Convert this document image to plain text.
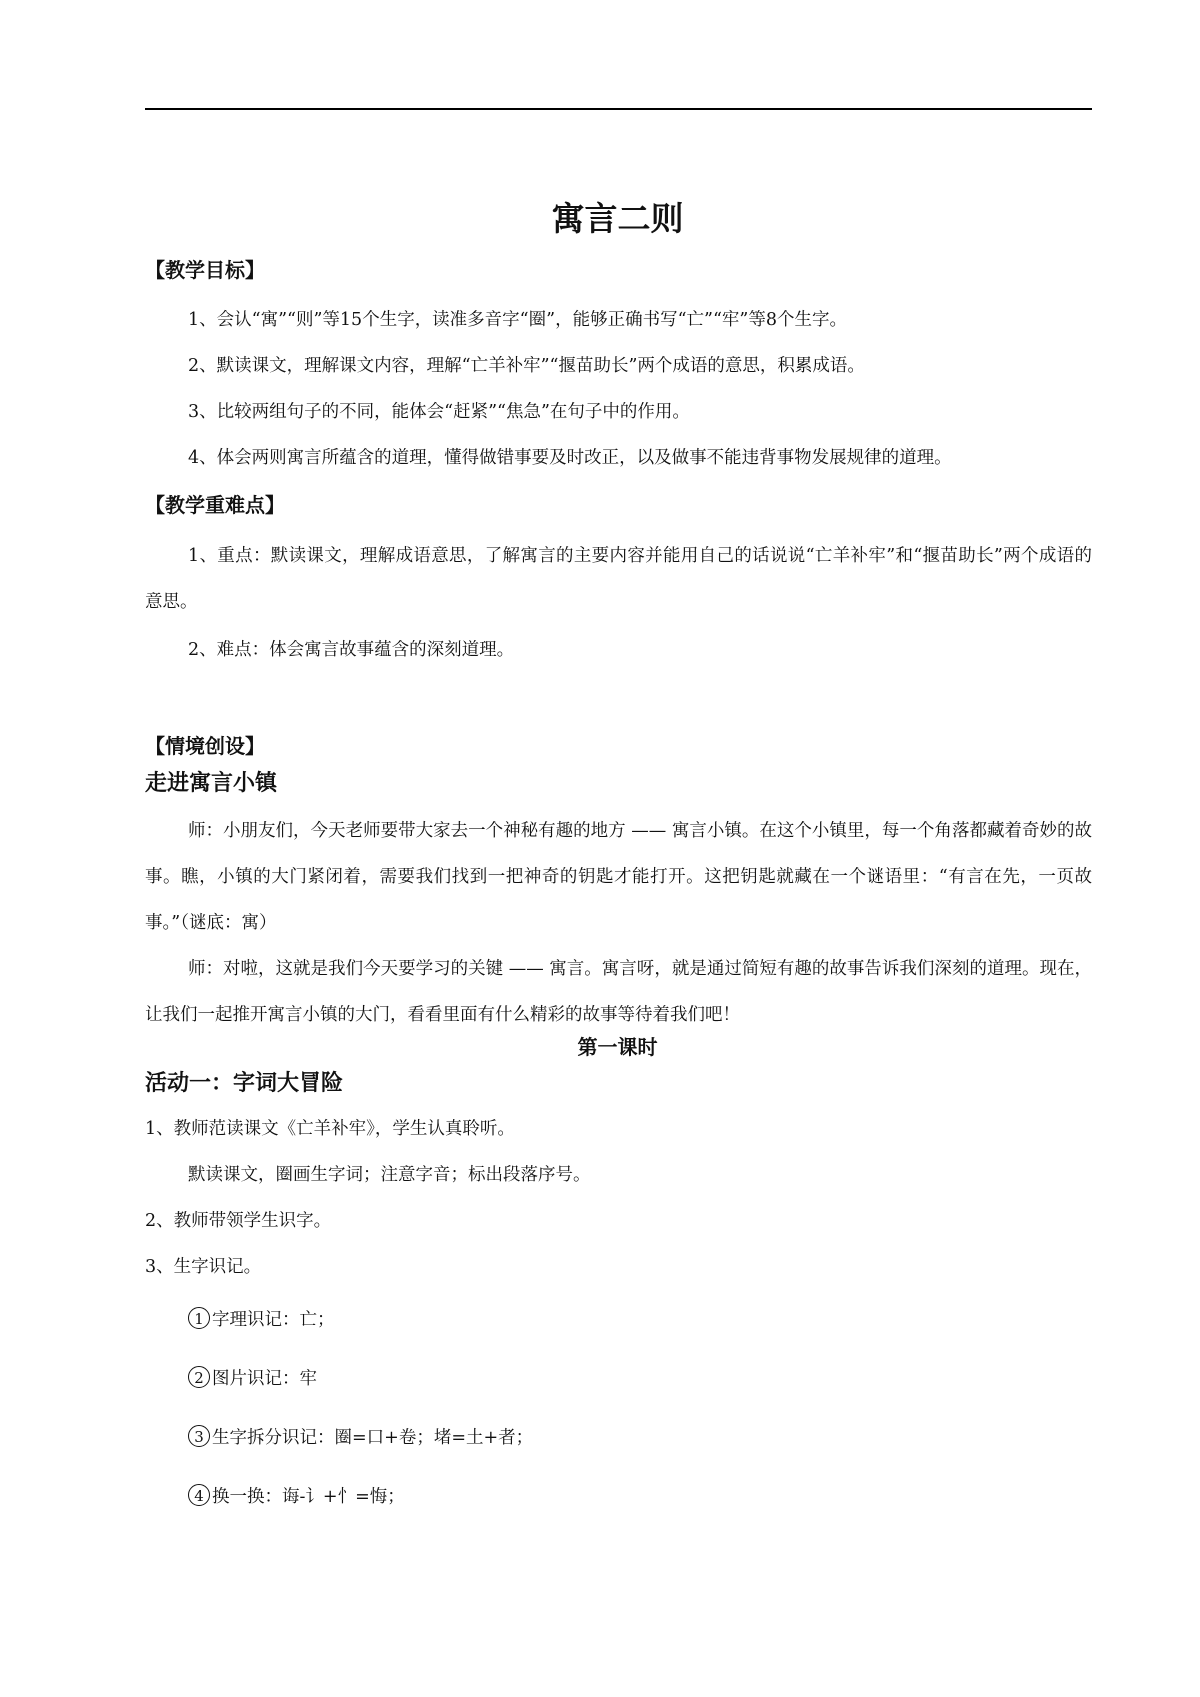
寓言二则
【教学目标】

1、会认“寓”“则”等15个生字，读准多音字“圈”，能够正确书写“亡”“牢”等8个生字。

2、默读课文，理解课文内容，理解“亡羊补牢”“揠苗助长”两个成语的意思，积累成语。

3、比较两组句子的不同，能体会“赶紧”“焦急”在句子中的作用。

4、体会两则寓言所蕴含的道理，懂得做错事要及时改正，以及做事不能违背事物发展规律的道理。

【教学重难点】

1、重点：默读课文，理解成语意思，了解寓言的主要内容并能用自己的话说说“亡羊补牢”和“揠苗助长”两个成语的意思。

2、难点：体会寓言故事蕴含的深刻道理。

【情境创设】
走进寓言小镇

师：小朋友们，今天老师要带大家去一个神秘有趣的地方 —— 寓言小镇。在这个小镇里，每一个角落都藏着奇妙的故事。瞧，小镇的大门紧闭着，需要我们找到一把神奇的钥匙才能打开。这把钥匙就藏在一个谜语里：“有言在先，一页故事。”（谜底：寓）

师：对啦，这就是我们今天要学习的关键 —— 寓言。寓言呀，就是通过简短有趣的故事告诉我们深刻的道理。现在，让我们一起推开寓言小镇的大门，看看里面有什么精彩的故事等待着我们吧！

第一课时
活动一：字词大冒险

1、教师范读课文《亡羊补牢》，学生认真聆听。

默读课文，圈画生字词；注意字音；标出段落序号。

2、教师带领学生识字。

3、生字识记。

1 字理识记：亡；

2 图片识记：牢

3 生字拆分识记：圈=口+卷；堵=土+者；

4 换一换：诲-讠+忄=悔；
